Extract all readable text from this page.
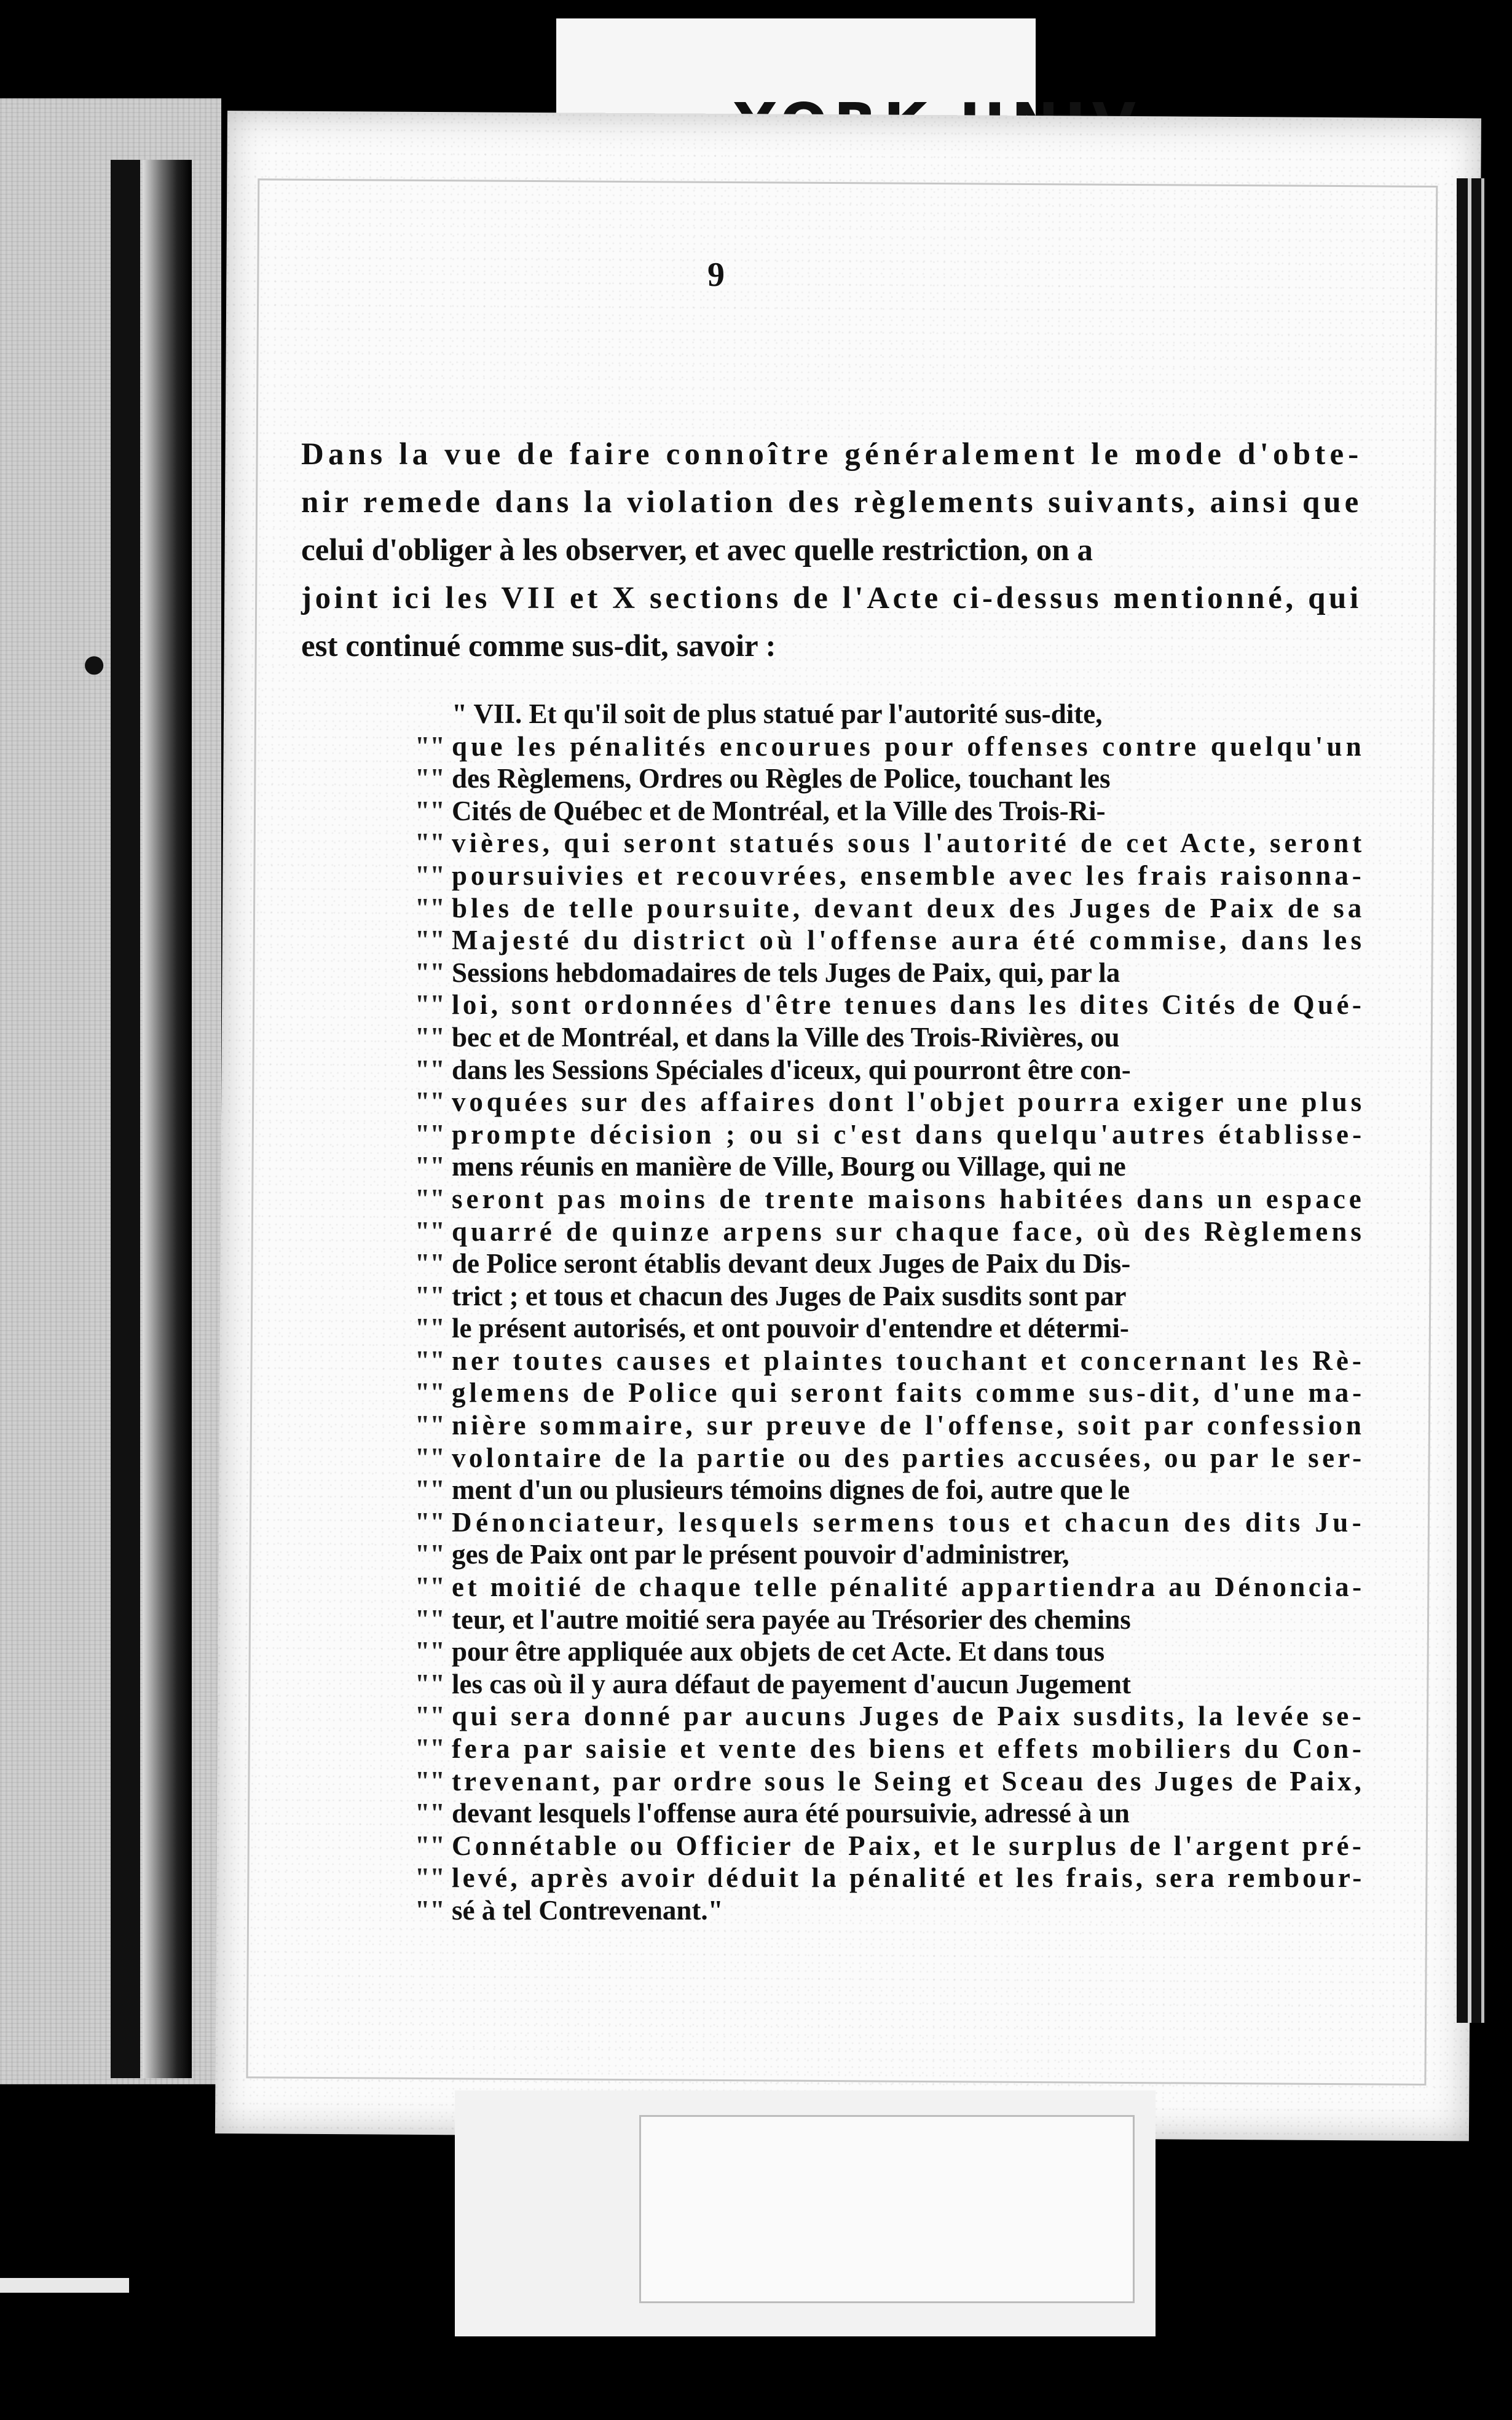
●
9
Dans la vue de faire connoître généralement le mode d'obte-
nir remede dans la violation des règlements suivants, ainsi que
celui d'obliger à les observer, et avec quelle restriction, on a
joint ici les VII et X sections de l'Acte ci-dessus mentionné, qui
est continué comme sus-dit, savoir :
" VII. Et qu'il soit de plus statué par l'autorité sus-dite,
"" que les pénalités encourues pour offenses contre quelqu'un
"" des Règlemens, Ordres ou Règles de Police, touchant les
"" Cités de Québec et de Montréal, et la Ville des Trois-Ri-
"" vières, qui seront statués sous l'autorité de cet Acte, seront
"" poursuivies et recouvrées, ensemble avec les frais raisonna-
"" bles de telle poursuite, devant deux des Juges de Paix de sa
"" Majesté du district où l'offense aura été commise, dans les
"" Sessions hebdomadaires de tels Juges de Paix, qui, par la
"" loi, sont ordonnées d'être tenues dans les dites Cités de Qué-
"" bec et de Montréal, et dans la Ville des Trois-Rivières, ou
"" dans les Sessions Spéciales d'iceux, qui pourront être con-
"" voquées sur des affaires dont l'objet pourra exiger une plus
"" prompte décision ; ou si c'est dans quelqu'autres établisse-
"" mens réunis en manière de Ville, Bourg ou Village, qui ne
"" seront pas moins de trente maisons habitées dans un espace
"" quarré de quinze arpens sur chaque face, où des Règlemens
"" de Police seront établis devant deux Juges de Paix du Dis-
"" trict ; et tous et chacun des Juges de Paix susdits sont par
"" le présent autorisés, et ont pouvoir d'entendre et détermi-
"" ner toutes causes et plaintes touchant et concernant les Rè-
"" glemens de Police qui seront faits comme sus-dit, d'une ma-
"" nière sommaire, sur preuve de l'offense, soit par confession
"" volontaire de la partie ou des parties accusées, ou par le ser-
"" ment d'un ou plusieurs témoins dignes de foi, autre que le
"" Dénonciateur, lesquels sermens tous et chacun des dits Ju-
"" ges de Paix ont par le présent pouvoir d'administrer,
"" et moitié de chaque telle pénalité appartiendra au Dénoncia-
"" teur, et l'autre moitié sera payée au Trésorier des chemins
"" pour être appliquée aux objets de cet Acte. Et dans tous
"" les cas où il y aura défaut de payement d'aucun Jugement
"" qui sera donné par aucuns Juges de Paix susdits, la levée se-
"" fera par saisie et vente des biens et effets mobiliers du Con-
"" trevenant, par ordre sous le Seing et Sceau des Juges de Paix,
"" devant lesquels l'offense aura été poursuivie, adressé à un
"" Connétable ou Officier de Paix, et le surplus de l'argent pré-
"" levé, après avoir déduit la pénalité et les frais, sera rembour-
"" sé à tel Contrevenant."
